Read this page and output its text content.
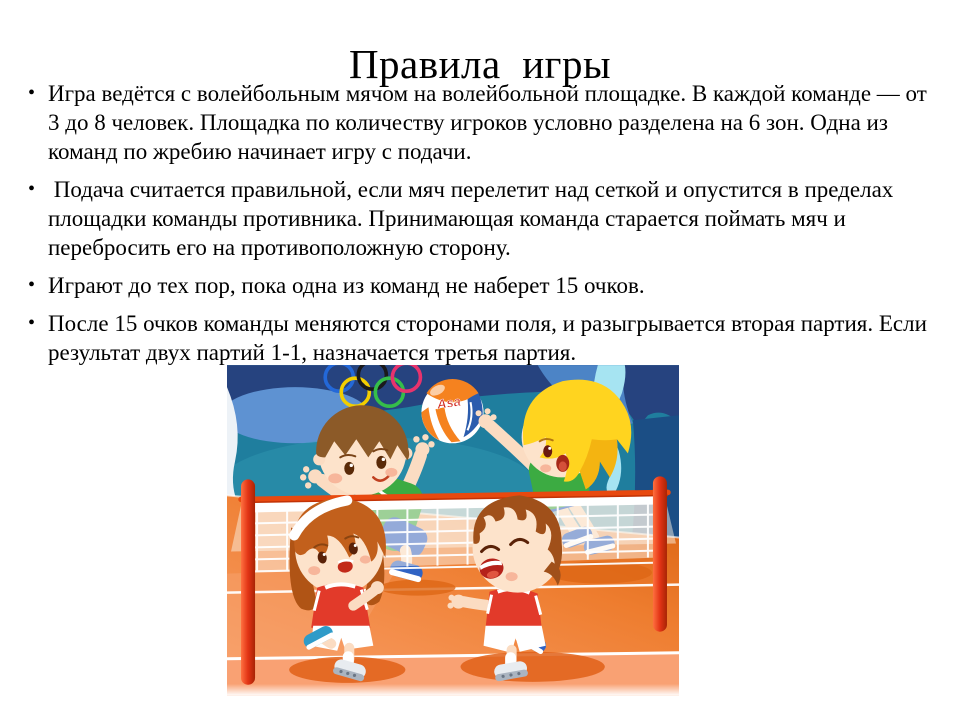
Правила  игры
• Игра ведётся с волейбольным мячом на волейбольной площадке. В каждой команде — от 3 до 8 человек. Площадка по количеству игроков условно разделена на 6 зон. Одна из команд по жребию начинает игру с подачи.
• Подача считается правильной, если мяч перелетит над сеткой и опустится в пределах площадки команды противника. Принимающая команда старается поймать мяч и перебросить его на противоположную сторону.
• Играют до тех пор, пока одна из команд не наберет 15 очков.
• После 15 очков команды меняются сторонами поля, и разыгрывается вторая партия. Если результат двух партий 1-1, назначается третья партия.
Asa
